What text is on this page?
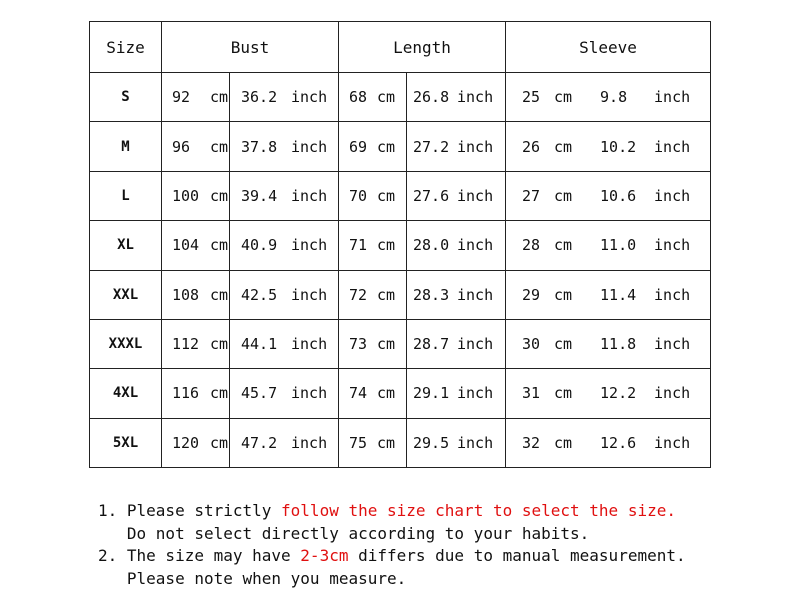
Size	Bust		Length		Sleeve
S	92 cm	36.2 inch	68 cm	26.8 inch	25 cm 9.8 inch

M	96 cm	37.8 inch	69 cm	27.2 inch	26 cm 10.2 inch

L	100 cm	39.4 inch	70 cm	27.6 inch	27 cm 10.6 inch

XL	104 cm	40.9 inch	71 cm	28.0 inch	28 cm 11.0 inch

XXL	108 cm	42.5 inch	72 cm	28.3 inch	29 cm 11.4 inch

XXXL	112 cm	44.1 inch	73 cm	28.7 inch	30 cm 11.8 inch

4XL	116 cm	45.7 inch	74 cm	29.1 inch	31 cm 12.2 inch

5XL	120 cm	47.2 inch	75 cm	29.5 inch	32 cm 12.6 inch
1. Please strictly follow the size chart to select the size.
Do not select directly according to your habits.
2. The size may have 2-3cm differs due to manual measurement.
Please note when you measure.
